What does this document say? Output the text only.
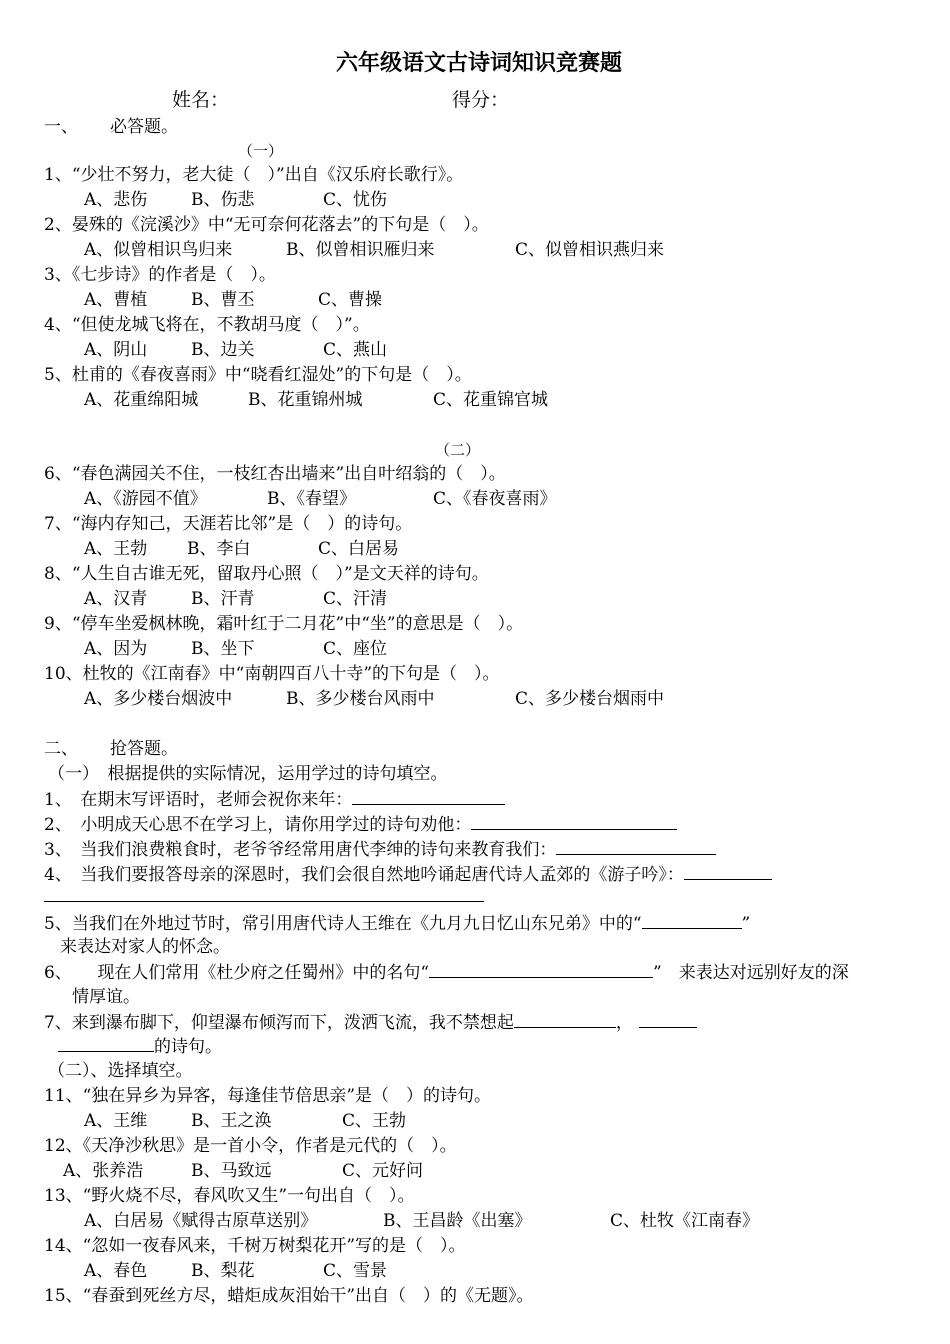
六年级语文古诗词知识竞赛题
姓名：	得分：
一、 必答题。
（一）
1、“少壮不努力，老大徒（　）”出自《汉乐府长歌行》。
A、悲伤	B、伤悲	C、忧伤
2、晏殊的《浣溪沙》中“无可奈何花落去”的下句是（　）。
A、似曾相识鸟归来	B、似曾相识雁归来	C、似曾相识燕归来
3、《七步诗》的作者是（　）。
A、曹植	B、曹丕	C、曹操
4、“但使龙城飞将在，不教胡马度（　）”。
A、阴山	B、边关	C、燕山
5、杜甫的《春夜喜雨》中“晓看红湿处”的下句是（　）。
A、花重绵阳城	B、花重锦州城	C、花重锦官城
（二）
6、“春色满园关不住，一枝红杏出墙来”出自叶绍翁的（　）。
A、《游园不值》	B、《春望》	C、《春夜喜雨》
7、“海内存知己，天涯若比邻”是（　）的诗句。
A、王勃 B、李白	C、白居易
8、“人生自古谁无死，留取丹心照（　）”是文天祥的诗句。
A、汉青	B、汗青	C、汗清
9、“停车坐爱枫林晚，霜叶红于二月花”中“坐”的意思是（　）。
A、因为	B、坐下	C、座位
10、杜牧的《江南春》中“南朝四百八十寺”的下句是（　）。
A、多少楼台烟波中	B、多少楼台风雨中	C、多少楼台烟雨中
二、 抢答题。
（一）　根据提供的实际情况，运用学过的诗句填空。
1、　在期末写评语时，老师会祝你来年：
2、　小明成天心思不在学习上，请你用学过的诗句劝他：
3、　当我们浪费粮食时，老爷爷经常用唐代李绅的诗句来教育我们：
4、　当我们要报答母亲的深恩时，我们会很自然地吟诵起唐代诗人孟郊的《游子吟》：
5、当我们在外地过节时，常引用唐代诗人王维在《九月九日忆山东兄弟》中的“	”
来表达对家人的怀念。
6、　　现在人们常用《杜少府之任蜀州》中的名句“	”　来表达对远别好友的深
情厚谊。
7、来到瀑布脚下，仰望瀑布倾泻而下，泼洒飞流，我不禁想起	，
的诗句。
（二）、选择填空。
11、“独在异乡为异客，每逢佳节倍思亲”是（　）的诗句。
A、王维	B、王之涣	C、王勃
12、《天净沙秋思》是一首小令，作者是元代的（　）。
A、张养浩	B、马致远	C、元好问
13、“野火烧不尽，春风吹又生”一句出自（　）。
A、白居易《赋得古原草送别》	B、王昌龄《出塞》	C、杜牧《江南春》
14、“忽如一夜春风来，千树万树梨花开”写的是（　）。
A、春色	B、梨花	C、雪景
15、“春蚕到死丝方尽，蜡炬成灰泪始干”出自（　）的《无题》。
